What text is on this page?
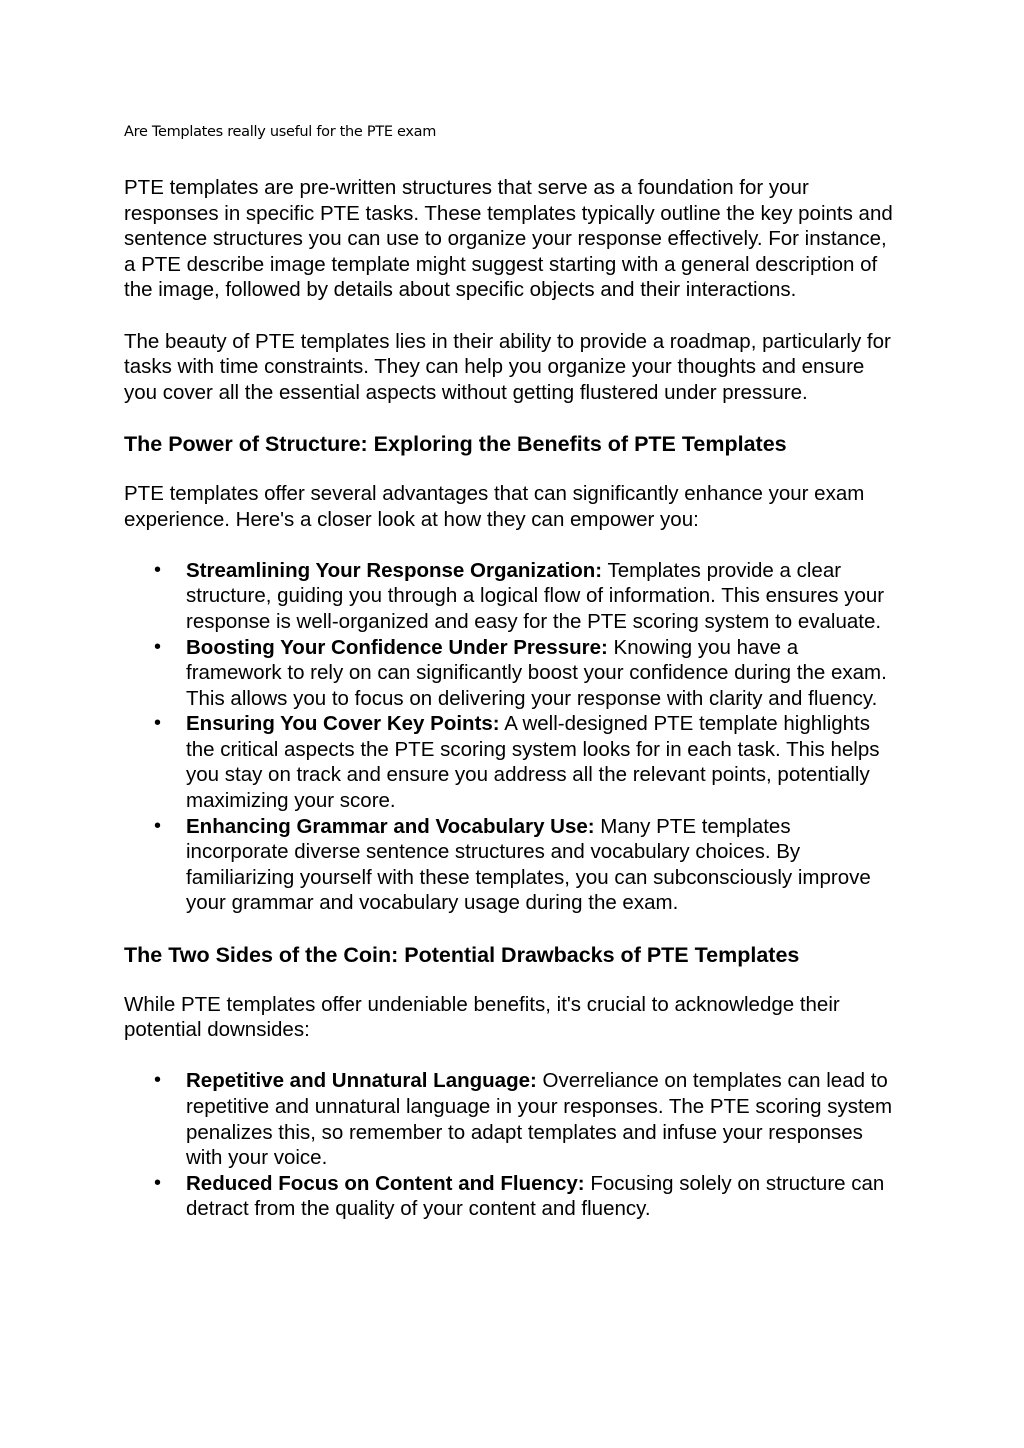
Are Templates really useful for the PTE exam

PTE templates are pre-written structures that serve as a foundation for your responses in specific PTE tasks. These templates typically outline the key points and sentence structures you can use to organize your response effectively. For instance, a PTE describe image template might suggest starting with a general description of the image, followed by details about specific objects and their interactions.

The beauty of PTE templates lies in their ability to provide a roadmap, particularly for tasks with time constraints. They can help you organize your thoughts and ensure you cover all the essential aspects without getting flustered under pressure.

The Power of Structure: Exploring the Benefits of PTE Templates

PTE templates offer several advantages that can significantly enhance your exam experience. Here's a closer look at how they can empower you:

• Streamlining Your Response Organization: Templates provide a clear structure, guiding you through a logical flow of information. This ensures your response is well-organized and easy for the PTE scoring system to evaluate.
• Boosting Your Confidence Under Pressure: Knowing you have a framework to rely on can significantly boost your confidence during the exam. This allows you to focus on delivering your response with clarity and fluency.
• Ensuring You Cover Key Points: A well-designed PTE template highlights the critical aspects the PTE scoring system looks for in each task. This helps you stay on track and ensure you address all the relevant points, potentially maximizing your score.
• Enhancing Grammar and Vocabulary Use: Many PTE templates incorporate diverse sentence structures and vocabulary choices. By familiarizing yourself with these templates, you can subconsciously improve your grammar and vocabulary usage during the exam.
The Two Sides of the Coin: Potential Drawbacks of PTE Templates

While PTE templates offer undeniable benefits, it's crucial to acknowledge their potential downsides:

• Repetitive and Unnatural Language: Overreliance on templates can lead to repetitive and unnatural language in your responses. The PTE scoring system penalizes this, so remember to adapt templates and infuse your responses with your voice.
• Reduced Focus on Content and Fluency: Focusing solely on structure can detract from the quality of your content and fluency.
